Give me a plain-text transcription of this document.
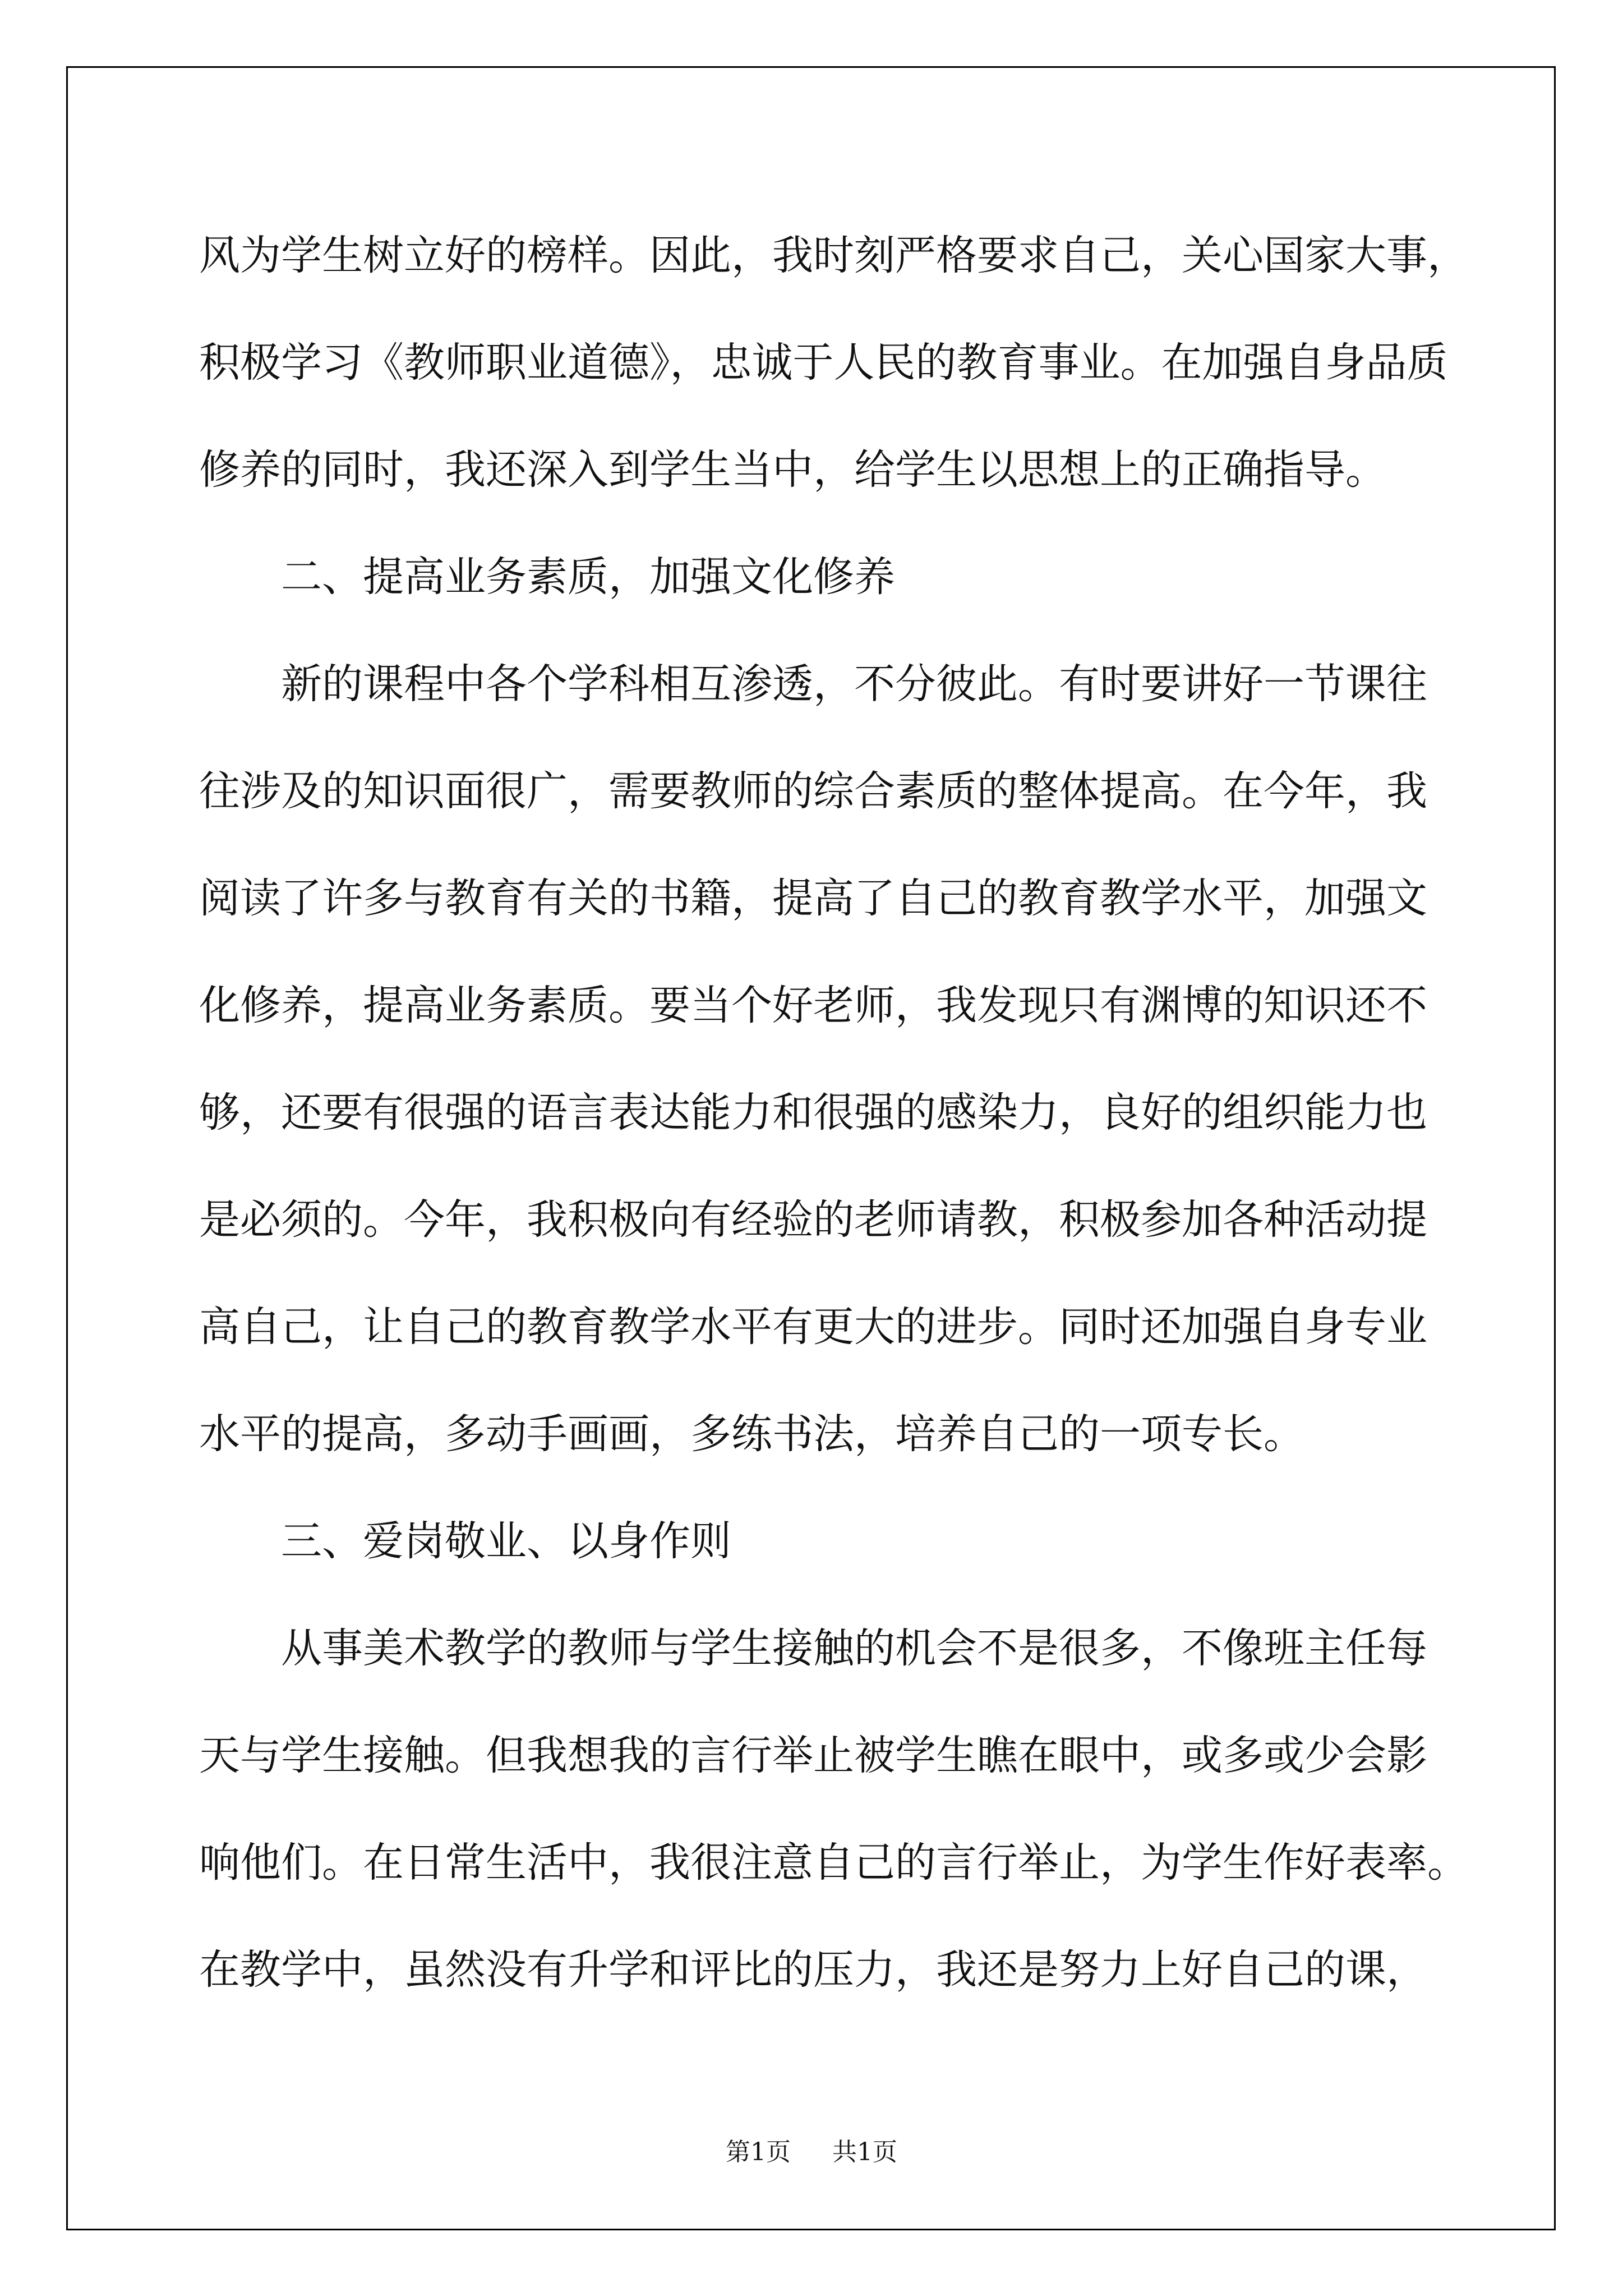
风为学生树立好的榜样。因此，我时刻严格要求自己，关心国家大事，
积极学习《教师职业道德》，忠诚于人民的教育事业。在加强自身品质
修养的同时，我还深入到学生当中，给学生以思想上的正确指导。
二、提高业务素质，加强文化修养
新的课程中各个学科相互渗透，不分彼此。有时要讲好一节课往
往涉及的知识面很广，需要教师的综合素质的整体提高。在今年，我
阅读了许多与教育有关的书籍，提高了自己的教育教学水平，加强文
化修养，提高业务素质。要当个好老师，我发现只有渊博的知识还不
够，还要有很强的语言表达能力和很强的感染力，良好的组织能力也
是必须的。今年，我积极向有经验的老师请教，积极参加各种活动提
高自己，让自己的教育教学水平有更大的进步。同时还加强自身专业
水平的提高，多动手画画，多练书法，培养自己的一项专长。
三、爱岗敬业、以身作则
从事美术教学的教师与学生接触的机会不是很多，不像班主任每
天与学生接触。但我想我的言行举止被学生瞧在眼中，或多或少会影
响他们。在日常生活中，我很注意自己的言行举止，为学生作好表率。
在教学中，虽然没有升学和评比的压力，我还是努力上好自己的课，
第1页 共1页
